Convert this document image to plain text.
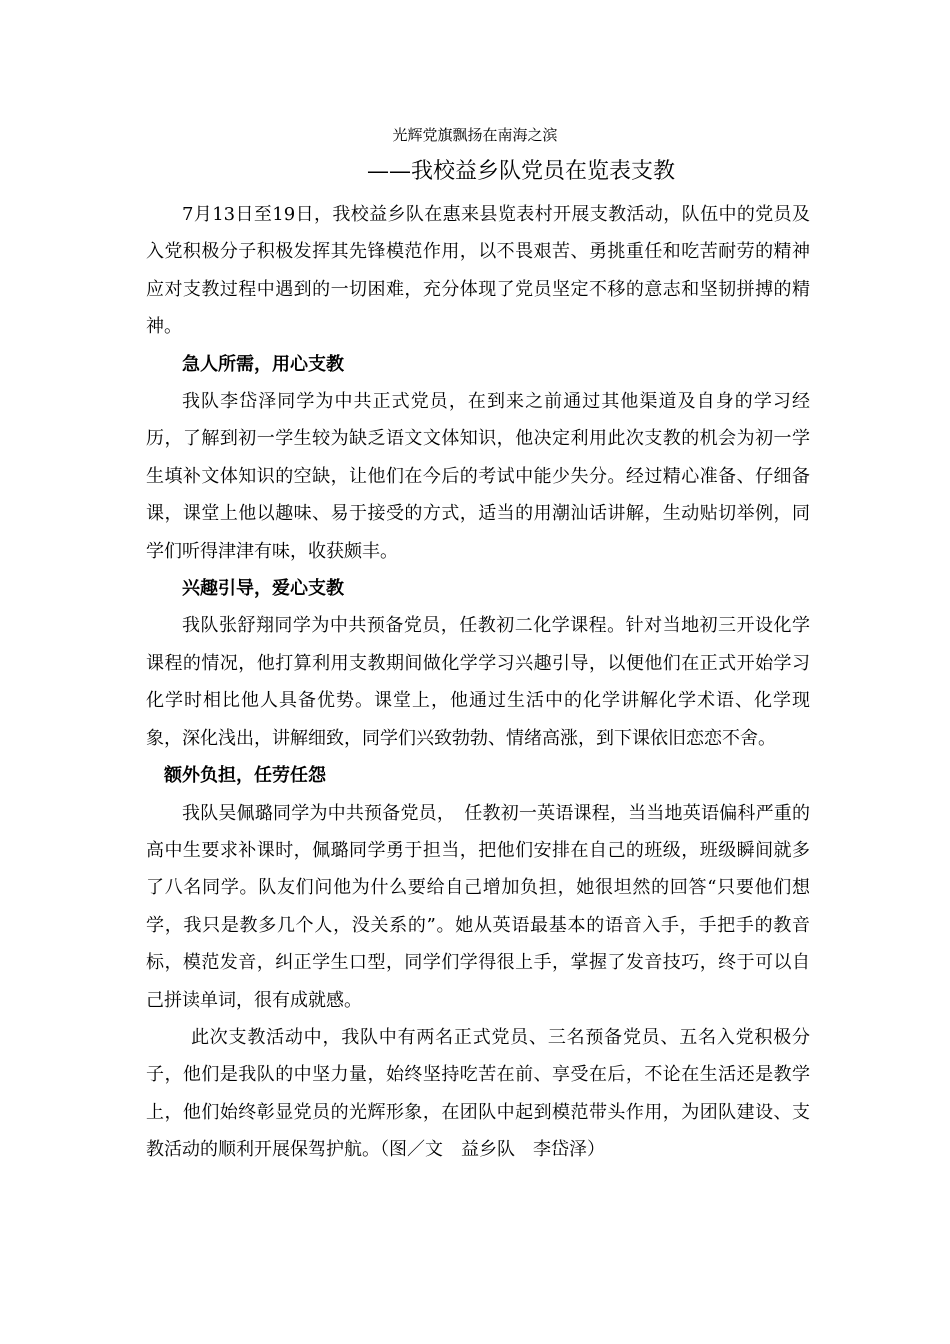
光辉党旗飘扬在南海之滨
——我校益乡队党员在览表支教

7月13日至19日，我校益乡队在惠来县览表村开展支教活动，队伍中的党员及入党积极分子积极发挥其先锋模范作用，以不畏艰苦、勇挑重任和吃苦耐劳的精神应对支教过程中遇到的一切困难，充分体现了党员坚定不移的意志和坚韧拼搏的精神。

急人所需，用心支教

我队李岱泽同学为中共正式党员，在到来之前通过其他渠道及自身的学习经历，了解到初一学生较为缺乏语文文体知识，他决定利用此次支教的机会为初一学生填补文体知识的空缺，让他们在今后的考试中能少失分。经过精心准备、仔细备课，课堂上他以趣味、易于接受的方式，适当的用潮汕话讲解，生动贴切举例，同学们听得津津有味，收获颇丰。

兴趣引导，爱心支教

我队张舒翔同学为中共预备党员，任教初二化学课程。针对当地初三开设化学课程的情况，他打算利用支教期间做化学学习兴趣引导，以便他们在正式开始学习化学时相比他人具备优势。课堂上，他通过生活中的化学讲解化学术语、化学现象，深化浅出，讲解细致，同学们兴致勃勃、情绪高涨，到下课依旧恋恋不舍。

额外负担，任劳任怨

我队吴佩璐同学为中共预备党员，　任教初一英语课程，当当地英语偏科严重的高中生要求补课时，佩璐同学勇于担当，把他们安排在自己的班级，班级瞬间就多了八名同学。队友们问他为什么要给自己增加负担，她很坦然的回答“只要他们想学，我只是教多几个人，没关系的”。她从英语最基本的语音入手，手把手的教音标，模范发音，纠正学生口型，同学们学得很上手，掌握了发音技巧，终于可以自己拼读单词，很有成就感。

此次支教活动中，我队中有两名正式党员、三名预备党员、五名入党积极分子，他们是我队的中坚力量，始终坚持吃苦在前、享受在后，不论在生活还是教学上，他们始终彰显党员的光辉形象，在团队中起到模范带头作用，为团队建设、支教活动的顺利开展保驾护航。（图／文　益乡队　李岱泽）
